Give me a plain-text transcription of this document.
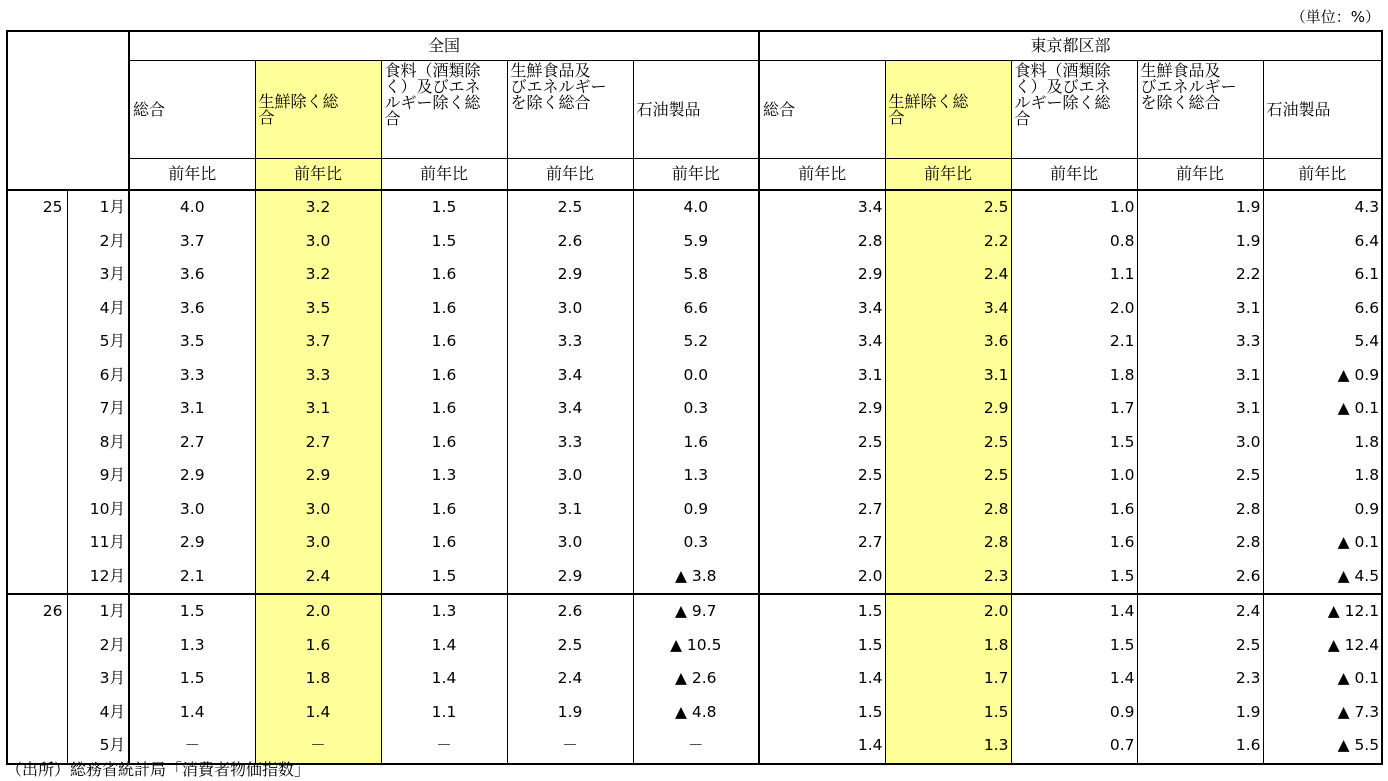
（単位：%）
		全国					東京都区部				
		総合	生鮮除く総
合	食料（酒類除
く）及びエネ
ルギー除く総
合	生鮮食品及
びエネルギー
を除く総合	石油製品	総合	生鮮除く総
合	食料（酒類除
く）及びエネ
ルギー除く総
合	生鮮食品及
びエネルギー
を除く総合	石油製品
		前年比	前年比	前年比	前年比	前年比	前年比	前年比	前年比	前年比	前年比
25	1月	4.0	3.2	1.5	2.5	4.0	3.4	2.5	1.0	1.9	4.3
	2月	3.7	3.0	1.5	2.6	5.9	2.8	2.2	0.8	1.9	6.4
	3月	3.6	3.2	1.6	2.9	5.8	2.9	2.4	1.1	2.2	6.1
	4月	3.6	3.5	1.6	3.0	6.6	3.4	3.4	2.0	3.1	6.6
	5月	3.5	3.7	1.6	3.3	5.2	3.4	3.6	2.1	3.3	5.4
	6月	3.3	3.3	1.6	3.4	0.0	3.1	3.1	1.8	3.1	▲ 0.9
	7月	3.1	3.1	1.6	3.4	0.3	2.9	2.9	1.7	3.1	▲ 0.1
	8月	2.7	2.7	1.6	3.3	1.6	2.5	2.5	1.5	3.0	1.8
	9月	2.9	2.9	1.3	3.0	1.3	2.5	2.5	1.0	2.5	1.8
	10月	3.0	3.0	1.6	3.1	0.9	2.7	2.8	1.6	2.8	0.9
	11月	2.9	3.0	1.6	3.0	0.3	2.7	2.8	1.6	2.8	▲ 0.1
	12月	2.1	2.4	1.5	2.9	▲ 3.8	2.0	2.3	1.5	2.6	▲ 4.5
26	1月	1.5	2.0	1.3	2.6	▲ 9.7	1.5	2.0	1.4	2.4	▲ 12.1
	2月	1.3	1.6	1.4	2.5	▲ 10.5	1.5	1.8	1.5	2.5	▲ 12.4
	3月	1.5	1.8	1.4	2.4	▲ 2.6	1.4	1.7	1.4	2.3	▲ 0.1
	4月	1.4	1.4	1.1	1.9	▲ 4.8	1.5	1.5	0.9	1.9	▲ 7.3
	5月	－	－	－	－	－	1.4	1.3	0.7	1.6	▲ 5.5
（出所）総務省統計局「消費者物価指数」
